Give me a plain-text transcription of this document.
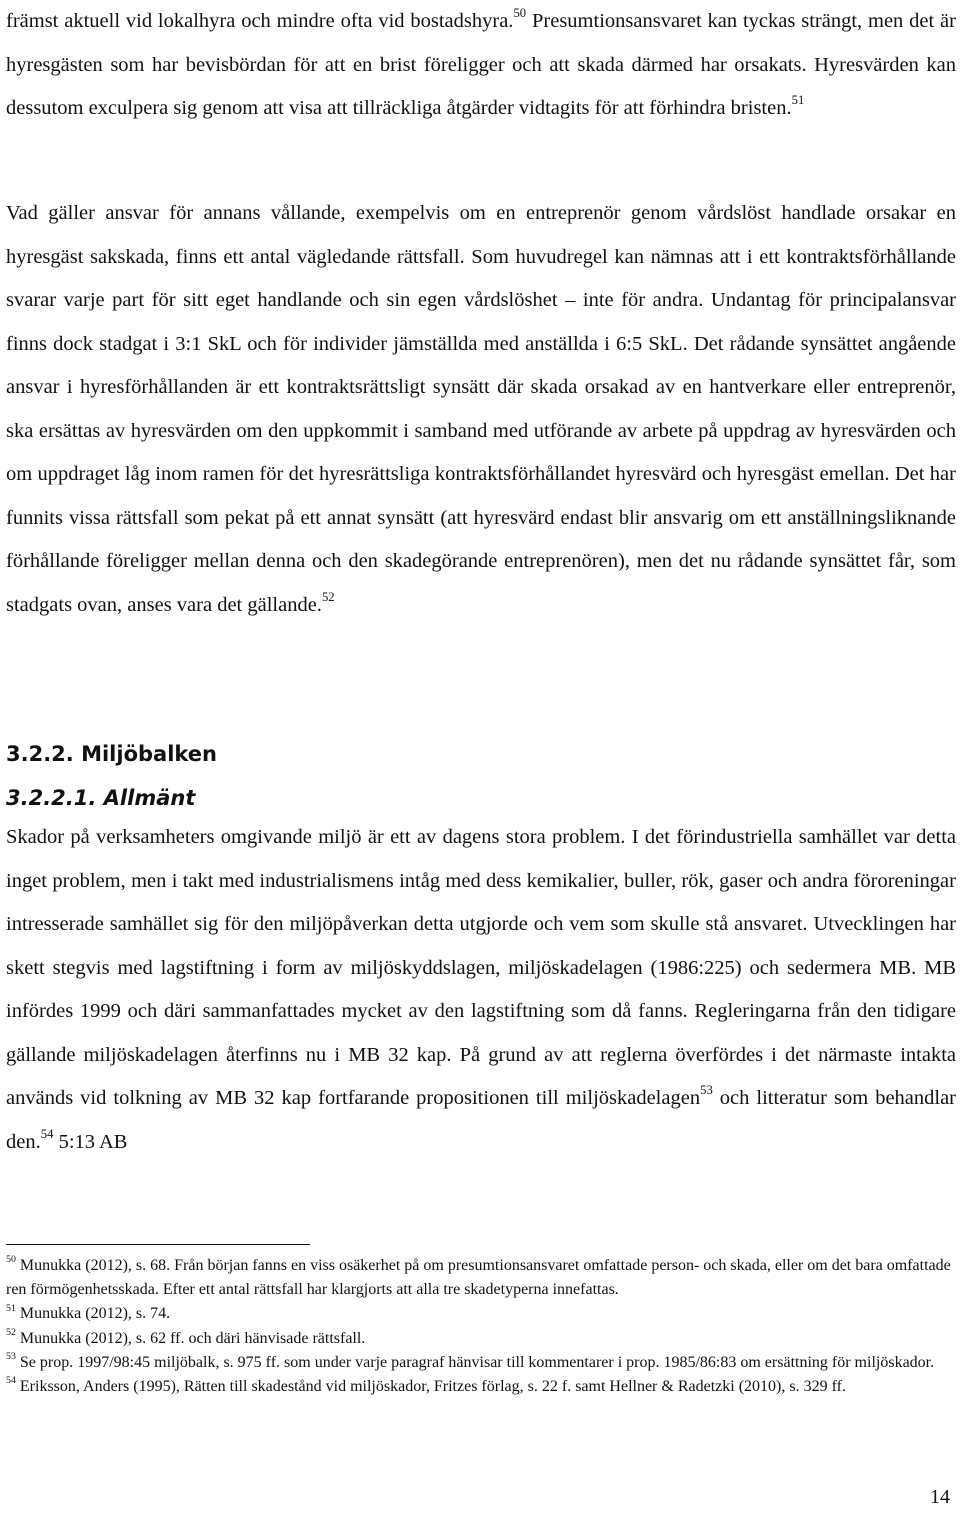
främst aktuell vid lokalhyra och mindre ofta vid bostadshyra.$^{50}$ Presumtionsansvaret kan tyckas strängt, men det är hyresgästen som har bevisbördan för att en brist föreligger och att skada därmed har orsakats. Hyresvärden kan dessutom exculpera sig genom att visa att tillräckliga åtgärder vidtagits för att förhindra bristen.$^{51}$

Vad gäller ansvar för annans vållande, exempelvis om en entreprenör genom vårdslöst handlade orsakar en hyresgäst sakskada, finns ett antal vägledande rättsfall. Som huvudregel kan nämnas att i ett kontraktsförhållande svarar varje part för sitt eget handlande och sin egen vårdslöshet – inte för andra. Undantag för principalansvar finns dock stadgat i 3:1 SkL och för individer jämställda med anställda i 6:5 SkL. Det rådande synsättet angående ansvar i hyresförhållanden är ett kontraktsrättsligt synsätt där skada orsakad av en hantverkare eller entreprenör, ska ersättas av hyresvärden om den uppkommit i samband med utförande av arbete på uppdrag av hyresvärden och om uppdraget låg inom ramen för det hyresrättsliga kontraktsförhållandet hyresvärd och hyresgäst emellan. Det har funnits vissa rättsfall som pekat på ett annat synsätt (att hyresvärd endast blir ansvarig om ett anställningsliknande förhållande föreligger mellan denna och den skadegörande entreprenören), men det nu rådande synsättet får, som stadgats ovan, anses vara det gällande.$^{52}$

3.2.2. Miljöbalken
3.2.2.1. Allmänt

Skador på verksamheters omgivande miljö är ett av dagens stora problem. I det förindustriella samhället var detta inget problem, men i takt med industrialismens intåg med dess kemikalier, buller, rök, gaser och andra föroreningar intresserade samhället sig för den miljöpåverkan detta utgjorde och vem som skulle stå ansvaret. Utvecklingen har skett stegvis med lagstiftning i form av miljöskyddslagen, miljöskadelagen (1986:225) och sedermera MB. MB infördes 1999 och däri sammanfattades mycket av den lagstiftning som då fanns. Regleringarna från den tidigare gällande miljöskadelagen återfinns nu i MB 32 kap. På grund av att reglerna överfördes i det närmaste intakta används vid tolkning av MB 32 kap fortfarande propositionen till miljöskadelagen$^{53}$ och litteratur som behandlar den.$^{54}$ 5:13 AB

$^{50}$ Munukka (2012), s. 68. Från början fanns en viss osäkerhet på om presumtionsansvaret omfattade person- och skada, eller om det bara omfattade ren förmögenhetsskada. Efter ett antal rättsfall har klargjorts att alla tre skadetyperna innefattas.

$^{51}$ Munukka (2012), s. 74.

$^{52}$ Munukka (2012), s. 62 ff. och däri hänvisade rättsfall.

$^{53}$ Se prop. 1997/98:45 miljöbalk, s. 975 ff. som under varje paragraf hänvisar till kommentarer i prop. 1985/86:83 om ersättning för miljöskador.

$^{54}$ Eriksson, Anders (1995), Rätten till skadestånd vid miljöskador, Fritzes förlag, s. 22 f. samt Hellner & Radetzki (2010), s. 329 ff.

14
